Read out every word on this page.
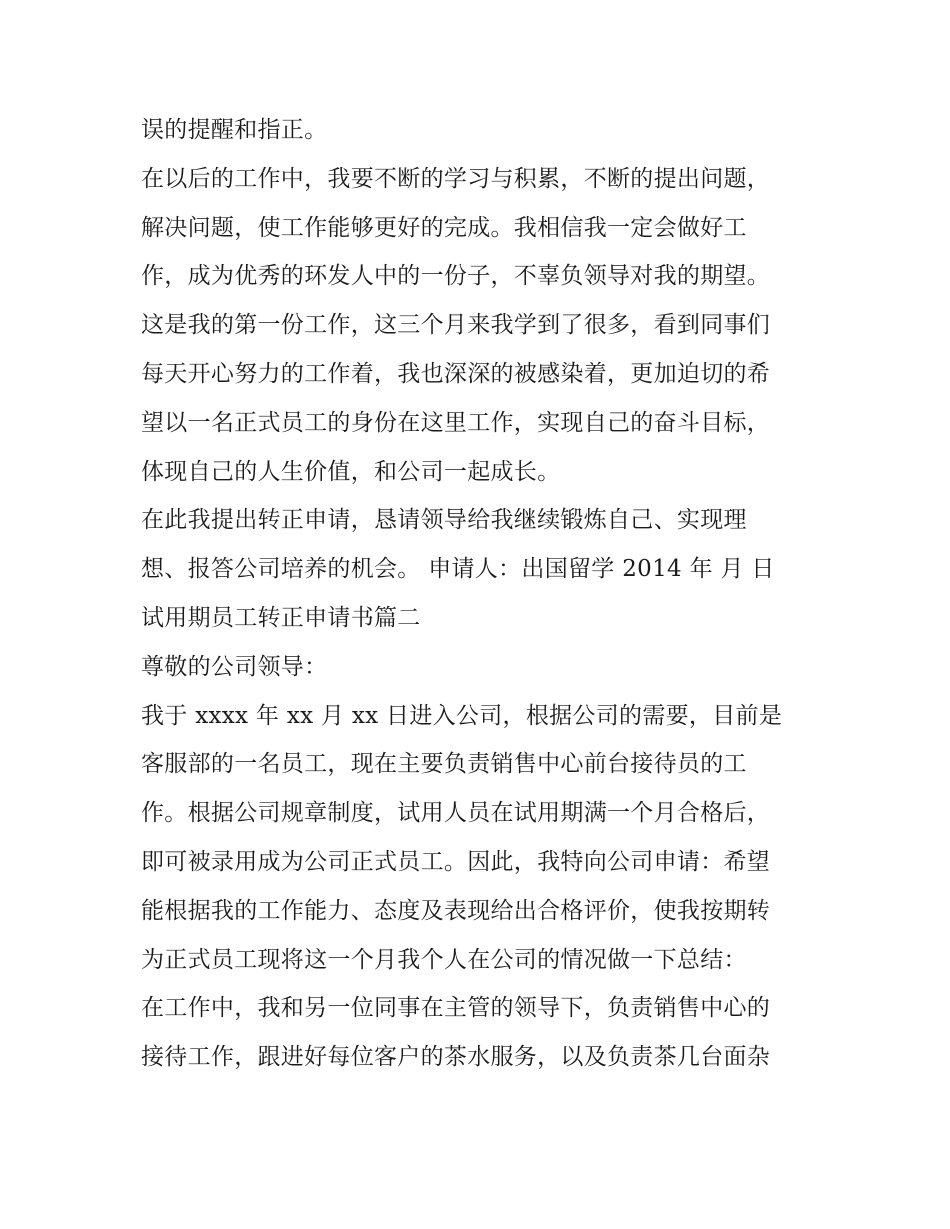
误的提醒和指正。
在以后的工作中，我要不断的学习与积累，不断的提出问题，
解决问题，使工作能够更好的完成。我相信我一定会做好工
作，成为优秀的环发人中的一份子，不辜负领导对我的期望。
这是我的第一份工作，这三个月来我学到了很多，看到同事们
每天开心努力的工作着，我也深深的被感染着，更加迫切的希
望以一名正式员工的身份在这里工作，实现自己的奋斗目标，
体现自己的人生价值，和公司一起成长。
在此我提出转正申请，恳请领导给我继续锻炼自己、实现理
想、报答公司培养的机会。 申请人：出国留学 2014 年 月 日
试用期员工转正申请书篇二
尊敬的公司领导：
我于 xxxx 年 xx 月 xx 日进入公司，根据公司的需要，目前是
客服部的一名员工，现在主要负责销售中心前台接待员的工
作。根据公司规章制度，试用人员在试用期满一个月合格后，
即可被录用成为公司正式员工。因此，我特向公司申请：希望
能根据我的工作能力、态度及表现给出合格评价，使我按期转
为正式员工现将这一个月我个人在公司的情况做一下总结：
在工作中，我和另一位同事在主管的领导下，负责销售中心的
接待工作，跟进好每位客户的茶水服务，以及负责茶几台面杂
